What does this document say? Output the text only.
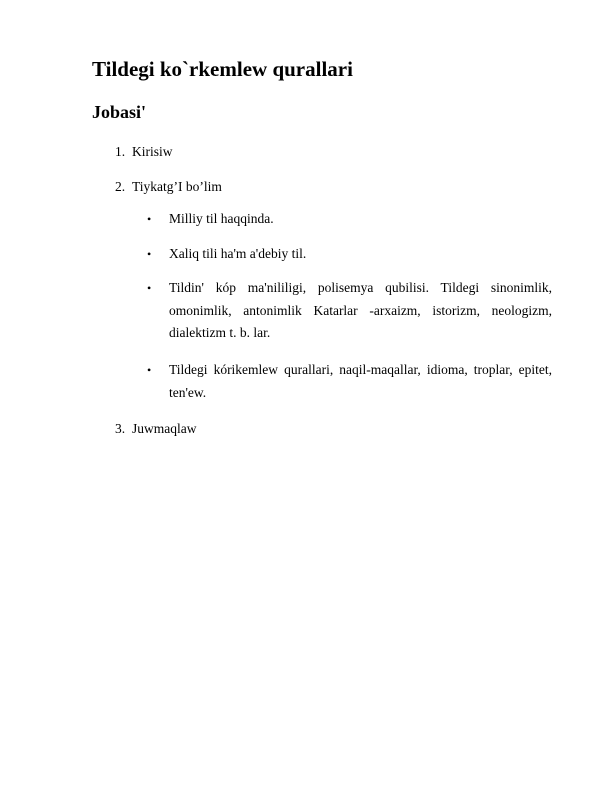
Tildegi ko`rkemlew qurallari
Jobasi'
1. Kirisiw
2. Tiykatg’I bo’lim
•	Milliy til haqqinda.
•	Xaliq tili ha'm a'debiy til.
•	Tildin' kóp ma'nililigi, polisemya qubilisi. Tildegi sinonimlik, omonimlik, antonimlik Katarlar -arxaizm, istorizm, neologizm, dialektizm t. b. lar.
•	Tildegi kórikemlew qurallari, naqil-maqallar, idioma, troplar, epitet, ten'ew.
3. Juwmaqlaw
